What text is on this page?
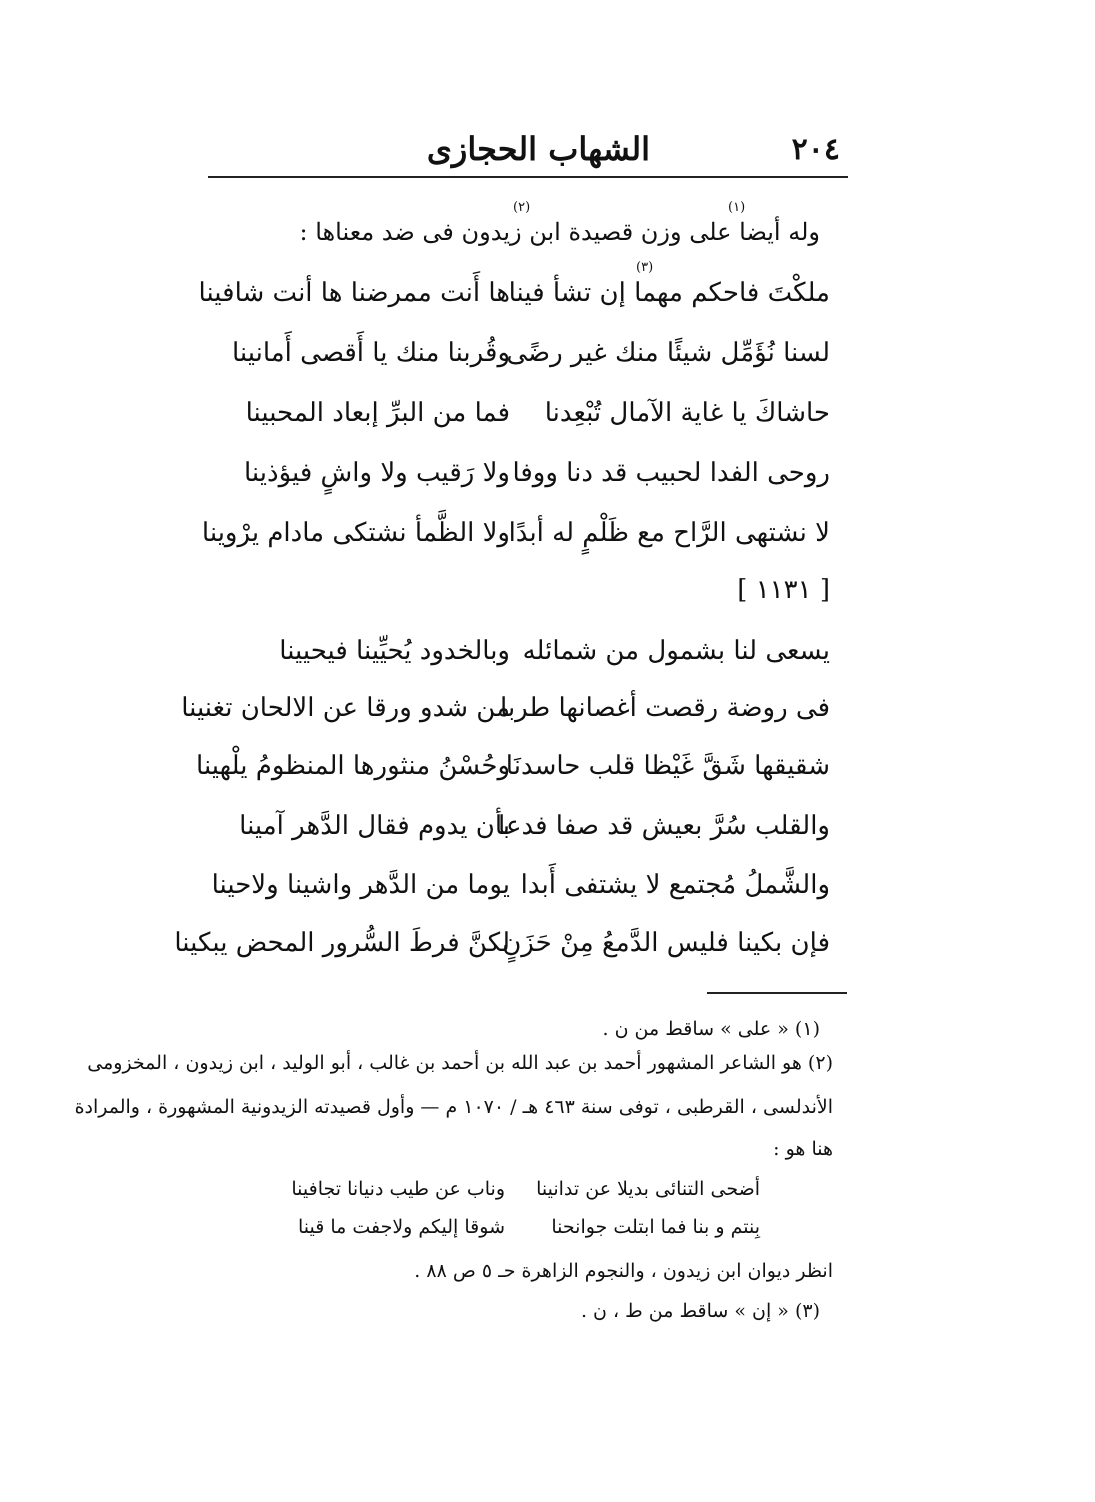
٢٠٤
الشهاب الحجازى
وله أيضا على وزن قصيدة ابن زيدون فى ضد معناها :
(١)
(٢)
ملكْتَ فاحكم مهما إن تشأ فينا
ها أَنت ممرضنا ها أنت شافينا
(٣)
لسنا نُؤَمِّل شيئًا منك غير رضًى
وقُربنا منك يا أَقصى أَمانينا
حاشاكَ يا غاية الآمال تُبْعِدنا
فما من البرِّ إبعاد المحبينا
روحى الفدا لحبيب قد دنا ووفا
ولا رَقيب ولا واشٍ فيؤذينا
لا نشتهى الرَّاح مع ظَلْمٍ له أبدًا
ولا الظَّمأ نشتكى مادام يرْوينا
[ ١١٣١ ]
يسعى لنا بشمول من شمائله
وبالخدود يُحيِّينا فيحيينا
فى روضة رقصت أغصانها طربا
من شدو ورقا عن الالحان تغنينا
شقيقها شَقَّ غَيْظا قلب حاسدنَا
وحُسْنُ منثورها المنظومُ يلْهينا
والقلب سُرَّ بعيش قد صفا فدعا
بأن يدوم فقال الدَّهر آمينا
والشَّملُ مُجتمع لا يشتفى أَبدا
يوما من الدَّهر واشينا ولاحينا
فإن بكينا فليس الدَّمعُ مِنْ حَزَنٍ
لكنَّ فرطَ السُّرور المحض يبكينا
(١) « على » ساقط من ن .
(٢) هو الشاعر المشهور أحمد بن عبد الله بن أحمد بن غالب ، أبو الوليد ، ابن زيدون ، المخزومى
الأندلسى ، القرطبى ، توفى سنة ٤٦٣ هـ / ١٠٧٠ م — وأول قصيدته الزيدونية المشهورة ، والمرادة
هنا هو :
أضحى التنائى بديلا عن تدانينا
وناب عن طيب دنيانا تجافينا
بِنتم و بنا فما ابتلت جوانحنا
شوقا إليكم ولاجفت ما قينا
انظر ديوان ابن زيدون ، والنجوم الزاهرة حـ ٥ ص ٨٨ .
(٣) « إن » ساقط من ط ، ن .
